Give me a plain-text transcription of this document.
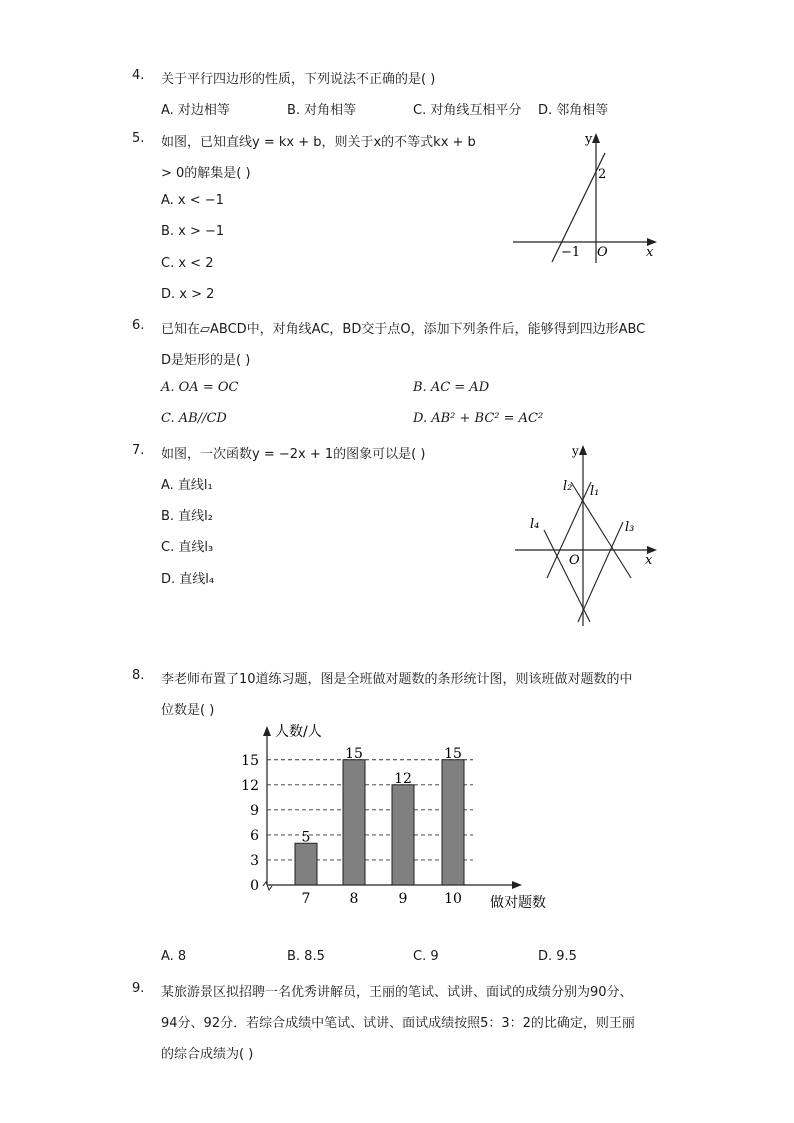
4. 关于平行四边形的性质，下列说法不正确的是( )
A. 对边相等	B. 对角相等	C. 对角线互相平分 D. 邻角相等
5. 如图，已知直线y = kx + b，则关于x的不等式kx + b
> 0的解集是( )
A. x < −1
B. x > −1
C. x < 2
D. x > 2
y
x
O
2
−1
6. 已知在▱ABCD中，对角线AC，BD交于点O，添加下列条件后，能够得到四边形ABC
D是矩形的是( )
A. OA = OC	B. AC = AD
C. AB//CD	D. AB² + BC² = AC²
7. 如图，一次函数y = −2x + 1的图象可以是( )
A. 直线l₁
B. 直线l₂
C. 直线l₃
D. 直线l₄
y
x
O
l₁
l₂
l₃
l₄
8. 李老师布置了10道练习题，图是全班做对题数的条形统计图，则该班做对题数的中
位数是( )
人数/人
做对题数
0
3
6
9
12
15
5
7
15
8
12
9
15
10
A. 8	B. 8.5	C. 9	D. 9.5
9. 某旅游景区拟招聘一名优秀讲解员，王丽的笔试、试讲、面试的成绩分别为90分、
94分、92分．若综合成绩中笔试、试讲、面试成绩按照5：3：2的比确定，则王丽
的综合成绩为( )
